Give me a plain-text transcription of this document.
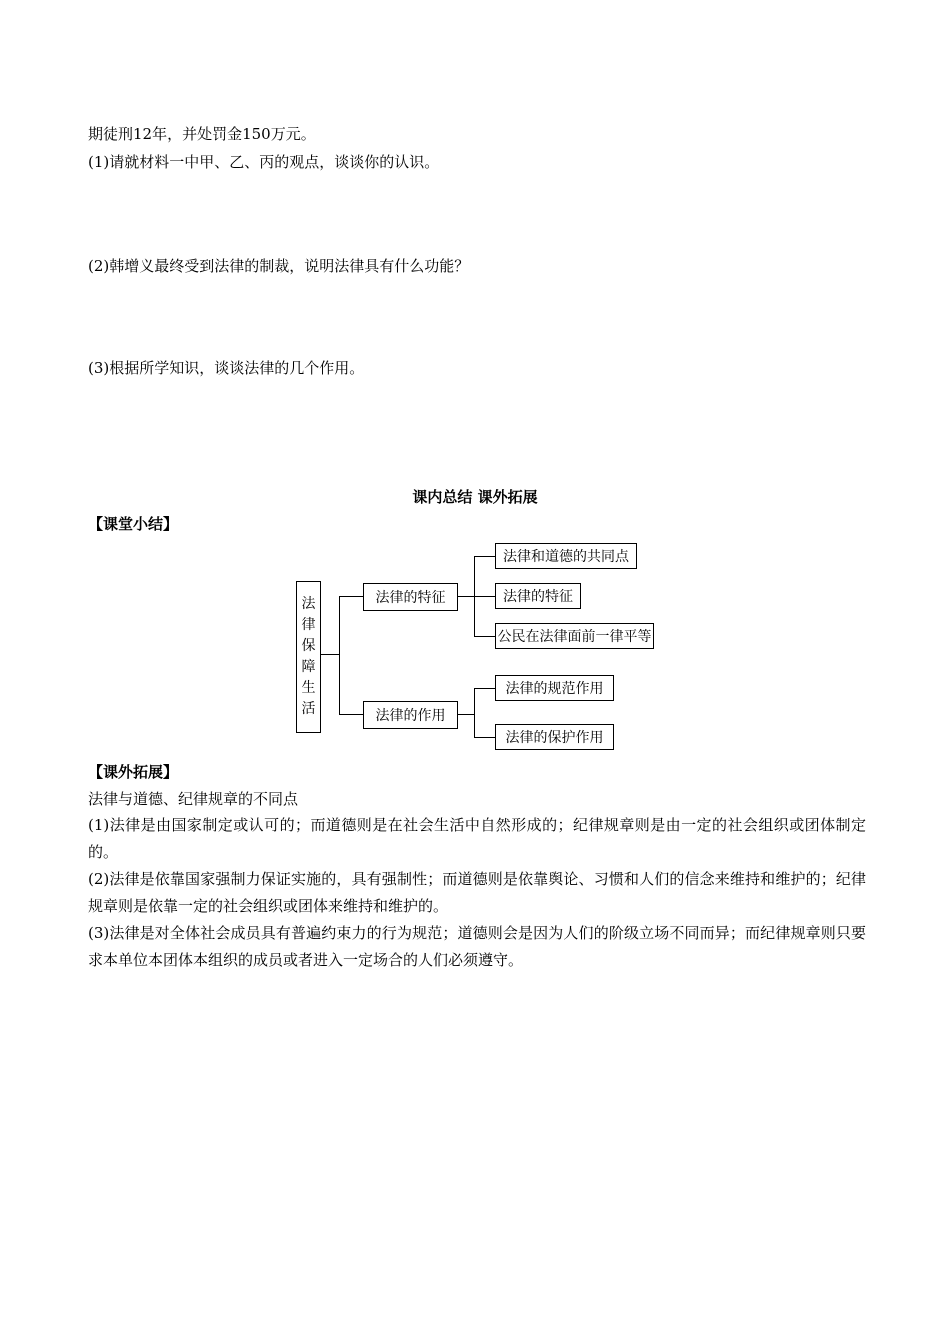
期徒刑12年，并处罚金150万元。
(1)请就材料一中甲、乙、丙的观点，谈谈你的认识。
(2)韩增义最终受到法律的制裁，说明法律具有什么功能？
(3)根据所学知识，谈谈法律的几个作用。
课内总结 课外拓展
【课堂小结】
法
律
保
障
生
活
法律的特征
法律和道德的共同点
法律的特征
公民在法律面前一律平等
法律的作用
法律的规范作用
法律的保护作用
【课外拓展】
法律与道德、纪律规章的不同点
(1)法律是由国家制定或认可的；而道德则是在社会生活中自然形成的；纪律规章则是由一定的社会组织或团体制定的。
(2)法律是依靠国家强制力保证实施的，具有强制性；而道德则是依靠舆论、习惯和人们的信念来维持和维护的；纪律规章则是依靠一定的社会组织或团体来维持和维护的。
(3)法律是对全体社会成员具有普遍约束力的行为规范；道德则会是因为人们的阶级立场不同而异；而纪律规章则只要求本单位本团体本组织的成员或者进入一定场合的人们必须遵守。
